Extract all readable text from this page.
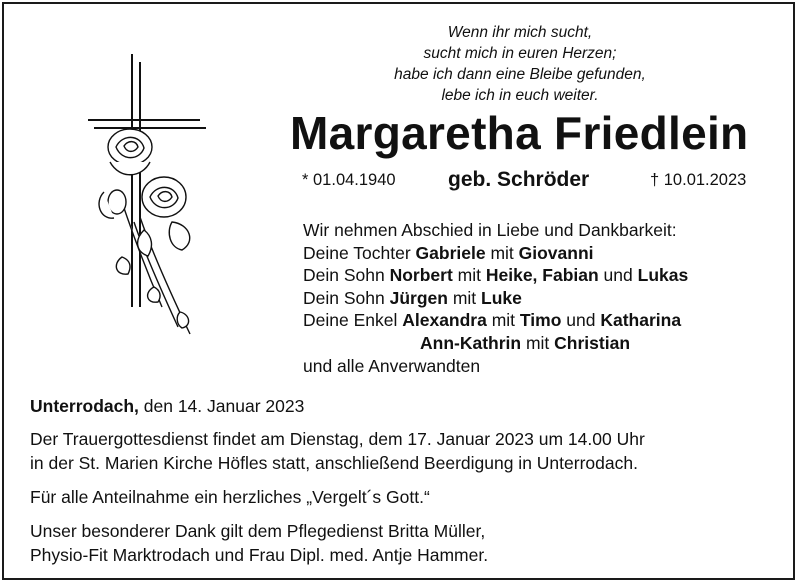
Wenn ihr mich sucht,
sucht mich in euren Herzen;
habe ich dann eine Bleibe gefunden,
lebe ich in euch weiter.
Margaretha Friedlein
* 01.04.1940 geb. Schröder	† 10.01.2023
Wir nehmen Abschied in Liebe und Dankbarkeit:
Deine Tochter Gabriele mit Giovanni
Dein Sohn Norbert mit Heike, Fabian und Lukas
Dein Sohn Jürgen mit Luke
Deine Enkel Alexandra mit Timo und Katharina
Ann-Kathrin mit Christian
und alle Anverwandten
Unterrodach, den 14. Januar 2023
Der Trauergottesdienst findet am Dienstag, dem 17. Januar 2023 um 14.00 Uhr
in der St. Marien Kirche Höfles statt, anschließend Beerdigung in Unterrodach.
Für alle Anteilnahme ein herzliches „Vergelt´s Gott.“
Unser besonderer Dank gilt dem Pflegedienst Britta Müller,
Physio-Fit Marktrodach und Frau Dipl. med. Antje Hammer.
